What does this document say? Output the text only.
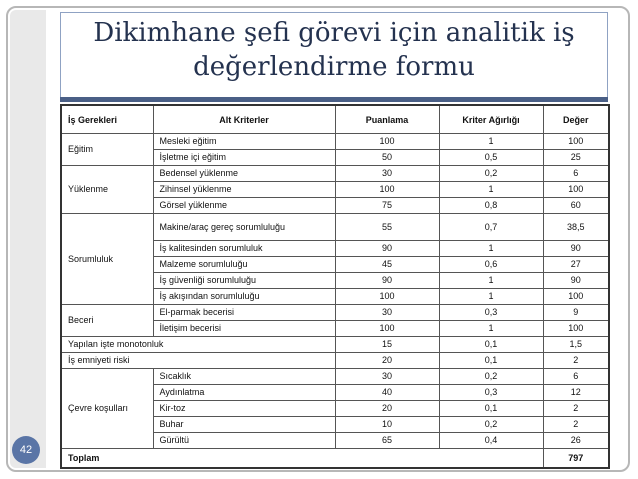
Dikimhane şefi görevi için analitik iş değerlendirme formu
42
İş Gerekleri	Alt Kriterler	Puanlama	Kriter Ağırlığı	Değer
Eğitim	Mesleki eğitim	100	1	100
	İşletme içi eğitim	50	0,5	25
Yüklenme	Bedensel yüklenme	30	0,2	6
	Zihinsel yüklenme	100	1	100
	Görsel yüklenme	75	0,8	60
Sorumluluk	Makine/araç gereç sorumluluğu	55	0,7	38,5
	İş kalitesinden sorumluluk	90	1	90
	Malzeme sorumluluğu	45	0,6	27
	İş güvenliği sorumluluğu	90	1	90
	İş akışından sorumluluğu	100	1	100
Beceri	El-parmak becerisi	30	0,3	9
	İletişim becerisi	100	1	100
Yapılan işte monotonluk		15	0,1	1,5
İş emniyeti riski		20	0,1	2
Çevre koşulları	Sıcaklık	30	0,2	6
	Aydınlatma	40	0,3	12
	Kir-toz	20	0,1	2
	Buhar	10	0,2	2
	Gürültü	65	0,4	26
Toplam				797
